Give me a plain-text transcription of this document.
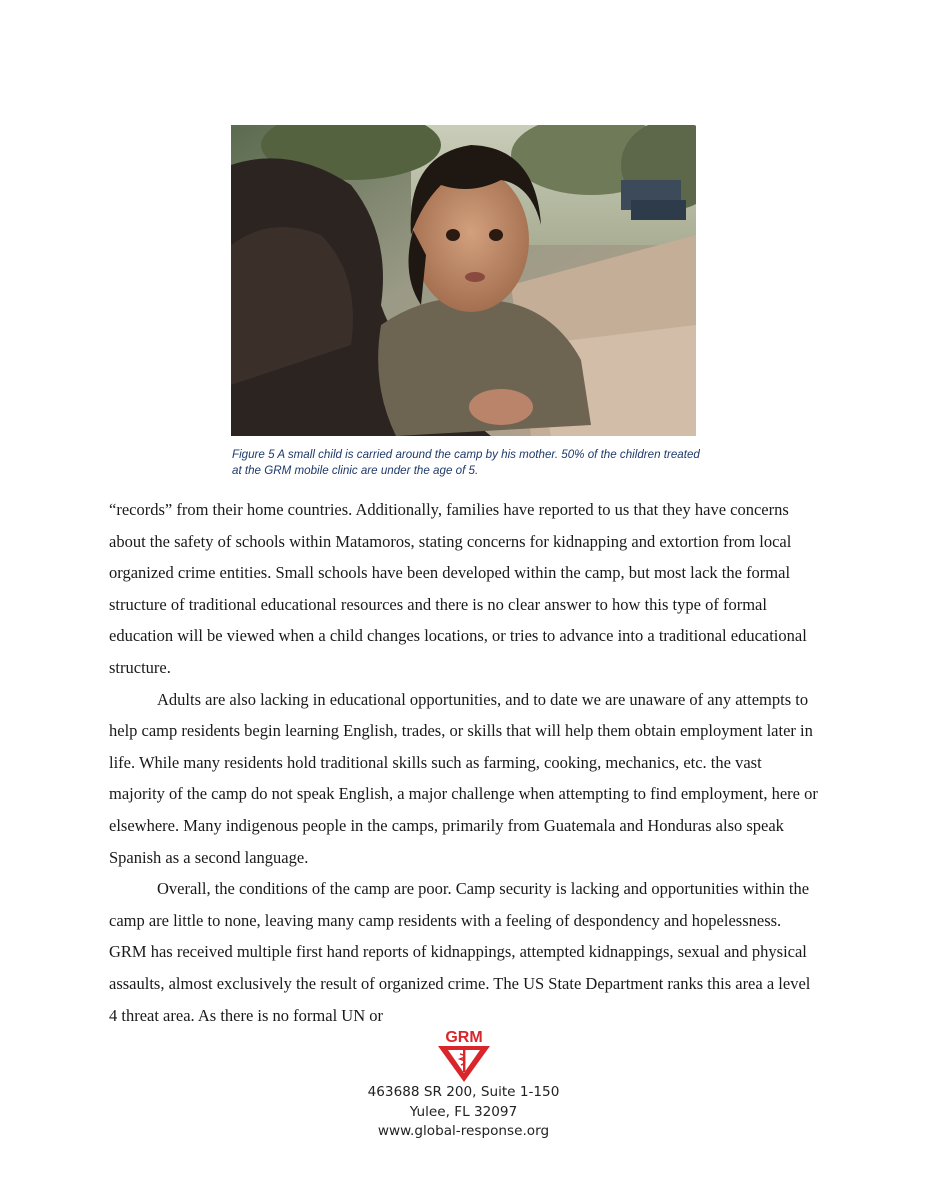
Figure 5 A small child is carried around the camp by his mother. 50% of the children treated at the GRM mobile clinic are under the age of 5.

“records” from their home countries. Additionally, families have reported to us that they have concerns about the safety of schools within Matamoros, stating concerns for kidnapping and extortion from local organized crime entities. Small schools have been developed within the camp, but most lack the formal structure of traditional educational resources and there is no clear answer to how this type of formal education will be viewed when a child changes locations, or tries to advance into a traditional educational structure.

Adults are also lacking in educational opportunities, and to date we are unaware of any attempts to help camp residents begin learning English, trades, or skills that will help them obtain employment later in life. While many residents hold traditional skills such as farming, cooking, mechanics, etc. the vast majority of the camp do not speak English, a major challenge when attempting to find employment, here or elsewhere. Many indigenous people in the camps, primarily from Guatemala and Honduras also speak Spanish as a second language.

Overall, the conditions of the camp are poor. Camp security is lacking and opportunities within the camp are little to none, leaving many camp residents with a feeling of despondency and hopelessness. GRM has received multiple first hand reports of kidnappings, attempted kidnappings, sexual and physical assaults, almost exclusively the result of organized crime. The US State Department ranks this area a level 4 threat area. As there is no formal UN or

GRM
463688 SR 200, Suite 1-150
Yulee, FL 32097
www.global-response.org
